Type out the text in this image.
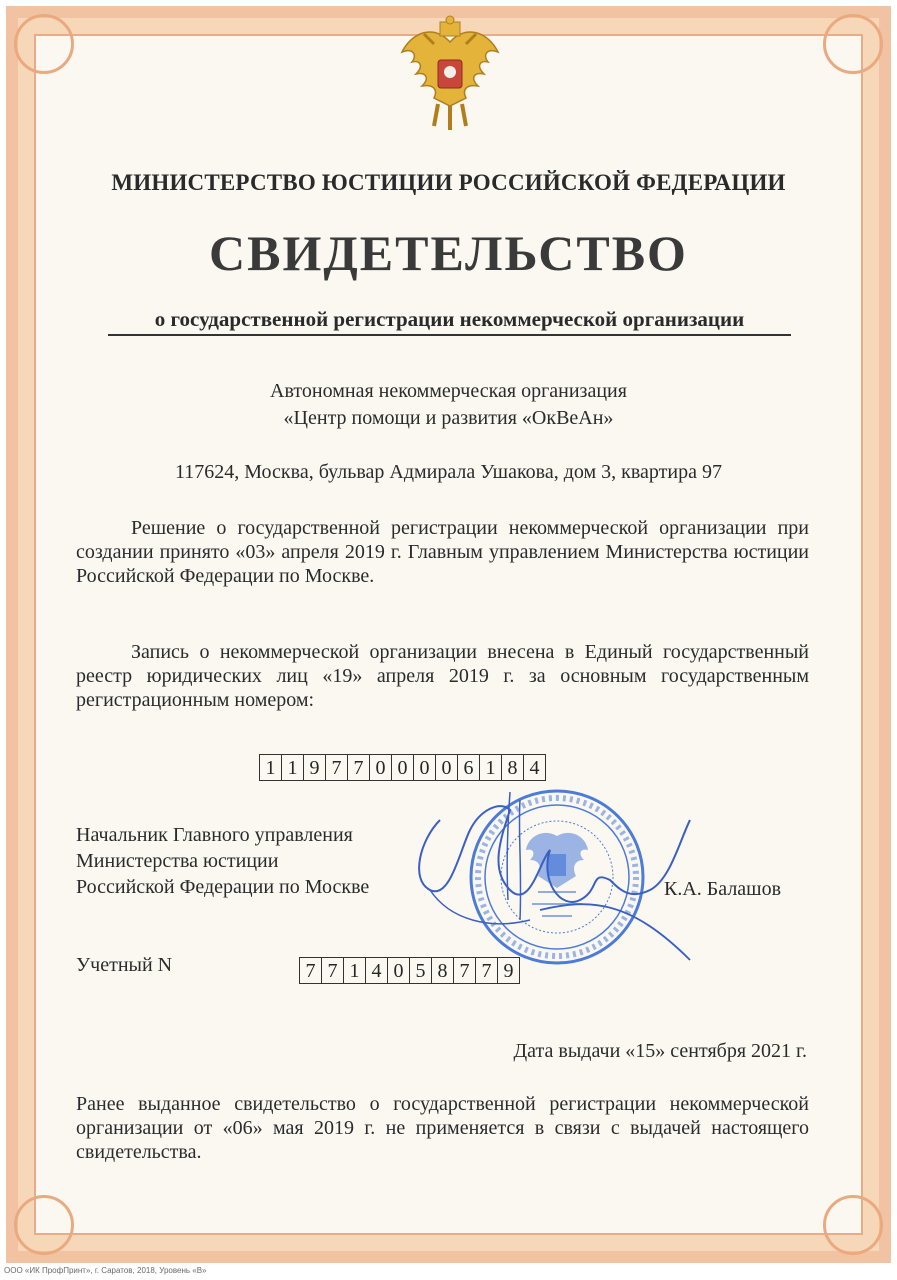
МИНИСТЕРСТВО ЮСТИЦИИ РОССИЙСКОЙ ФЕДЕРАЦИИ

СВИДЕТЕЛЬСТВО

о государственной регистрации некоммерческой организации

Автономная некоммерческая организация

«Центр помощи и развития «ОкВеАн»

117624, Москва, бульвар Адмирала Ушакова, дом 3, квартира 97

Решение о государственной регистрации некоммерческой организации при создании принято «03» апреля 2019 г. Главным управлением Министерства юстиции Российской Федерации по Москве.

Запись о некоммерческой организации внесена в Единый государственный реестр юридических лиц «19» апреля 2019 г. за основным государственным регистрационным номером:

1 1 9 7 7 0 0 0 0 6 1 8 4
Начальник Главного управления
Министерства юстиции
Российской Федерации по Москве	К.А. Балашов

Учетный N	7 7 1 4 0 5 8 7 7 9

Дата выдачи «15» сентября 2021 г.

Ранее выданное свидетельство о государственной регистрации некоммерческой организации от «06» мая 2019 г. не применяется в связи с выдачей настоящего свидетельства.

ООО «ИК ПрофПринт», г. Саратов, 2018, Уровень «В»
